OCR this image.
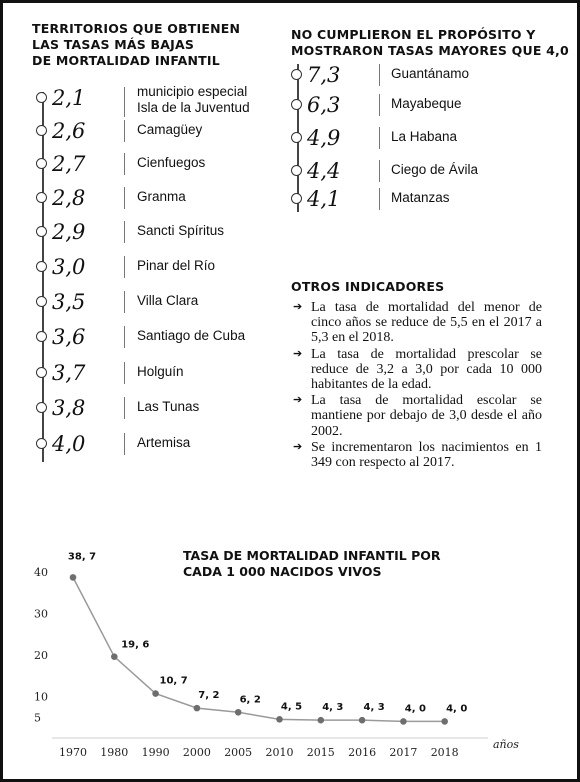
TERRITORIOS QUE OBTIENEN
LAS TASAS MÁS BAJAS
DE MORTALIDAD INFANTIL
2,1	municipio especial
Isla de la Juventud
2,6	Camagüey
2,7	Cienfuegos
2,8	Granma
2,9	Sancti Spíritus
3,0	Pinar del Río
3,5	Villa Clara
3,6	Santiago de Cuba
3,7	Holguín
3,8	Las Tunas
4,0	Artemisa
NO CUMPLIERON EL PROPÓSITO Y
MOSTRARON TASAS MAYORES QUE 4,0
7,3	Guantánamo
6,3	Mayabeque
4,9	La Habana
4,4	Ciego de Ávila
4,1	Matanzas
OTROS INDICADORES
➔ La tasa de mortalidad del menor de cinco años se reduce de 5,5 en el 2017 a 5,3 en el 2018.
➔ La tasa de mortalidad prescolar se reduce de 3,2 a 3,0 por cada 10 000 habitantes de la edad.
➔ La tasa de mortalidad escolar se mantiene por debajo de 3,0 desde el año 2002.
➔ Se incrementaron los nacimientos en 1 349 con respecto al 2017.
TASA DE MORTALIDAD INFANTIL POR
CADA 1 000 NACIDOS VIVOS
años
5
10
20
30
40
1970 1980 1990 2000 2005 2010 2015 2016 2017 2018
38, 7
19, 6
10, 7
7, 2 6, 2
4, 5 4, 3 4, 3 4, 0 4, 0
